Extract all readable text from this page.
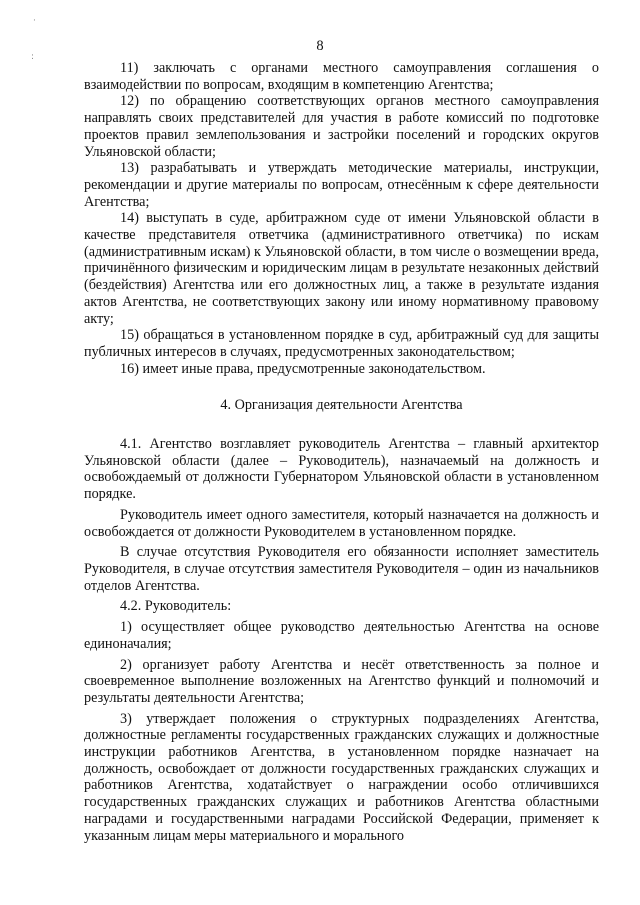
·
:
8

11) заключать с органами местного самоуправления соглашения о взаимодействии по вопросам, входящим в компетенцию Агентства;

12) по обращению соответствующих органов местного самоуправления направлять своих представителей для участия в работе комиссий по подготовке проектов правил землепользования и застройки поселений и городских округов Ульяновской области;

13) разрабатывать и утверждать методические материалы, инструкции, рекомендации и другие материалы по вопросам, отнесённым к сфере деятельности Агентства;

14) выступать в суде, арбитражном суде от имени Ульяновской области в качестве представителя ответчика (административного ответчика) по искам (административным искам) к Ульяновской области, в том числе о возмещении вреда, причинённого физическим и юридическим лицам в результате незаконных действий (бездействия) Агентства или его должностных лиц, а также в результате издания актов Агентства, не соответствующих закону или иному нормативному правовому акту;

15) обращаться в установленном порядке в суд, арбитражный суд для защиты публичных интересов в случаях, предусмотренных законодательством;

16) имеет иные права, предусмотренные законодательством.

4. Организация деятельности Агентства

4.1. Агентство возглавляет руководитель Агентства – главный архитектор Ульяновской области (далее – Руководитель), назначаемый на должность и освобождаемый от должности Губернатором Ульяновской области в установленном порядке.

Руководитель имеет одного заместителя, который назначается на должность и освобождается от должности Руководителем в установленном порядке.

В случае отсутствия Руководителя его обязанности исполняет заместитель Руководителя, в случае отсутствия заместителя Руководителя – один из начальников отделов Агентства.

4.2. Руководитель:

1) осуществляет общее руководство деятельностью Агентства на основе единоначалия;

2) организует работу Агентства и несёт ответственность за полное и своевременное выполнение возложенных на Агентство функций и полномочий и результаты деятельности Агентства;

3) утверждает положения о структурных подразделениях Агентства, должностные регламенты государственных гражданских служащих и должностные инструкции работников Агентства, в установленном порядке назначает на должность, освобождает от должности государственных гражданских служащих и работников Агентства, ходатайствует о награждении особо отличившихся государственных гражданских служащих и работников Агентства областными наградами и государственными наградами Российской Федерации, применяет к указанным лицам меры материального и морального
